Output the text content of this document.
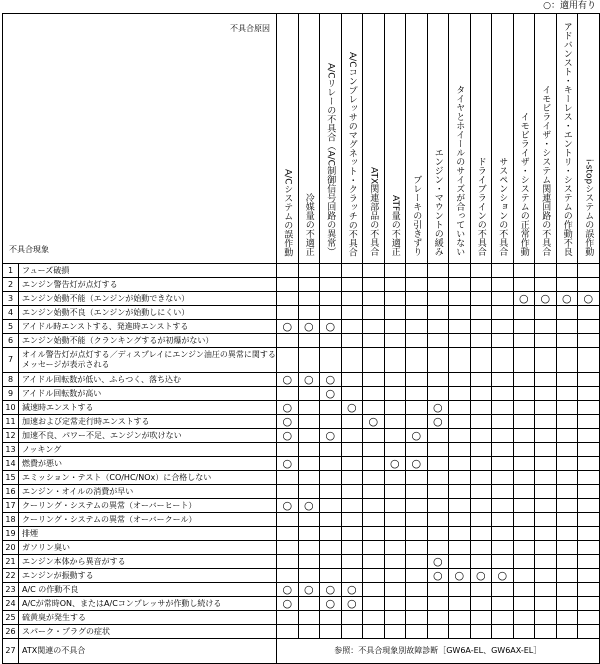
○：適用有り
不具合原因
不具合現象		A/Cシステムの誤作動	冷媒量の不適正	A/Cリレーの不具合（A/C制御信号回路の異常）	A/Cコンプレッサのマグネット・クラッチの不具合	ATX関連部品の不具合	ATF量の不適正	ブレーキの引きずり	エンジン・マウントの緩み	タイヤとホイールのサイズが合っていない	ドライブラインの不具合	サスペンションの不具合	イモビライザ・システムの正常作動	イモビライザ・システム関連回路の不具合	アドバンスト・キーレス・エントリ・システムの作動不良	i-stopシステムの誤作動
1	フューズ破損															
2	エンジン警告灯が点灯する															
3	エンジン始動不能（エンジンが始動できない）												○	○	○	○
4	エンジン始動不良（エンジンが始動しにくい）															
5	アイドル時エンストする、発進時エンストする	○	○	○												
6	エンジン始動不能（クランキングするが初爆がない）															
7	オイル警告灯が点灯する／ディスプレイにエンジン油圧の異常に関するメッセージが表示される															
8	アイドル回転数が低い、ふらつく、落ち込む	○	○	○												
9	アイドル回転数が高い			○												
10	減速時エンストする	○			○				○							
11	加速および定常走行時エンストする	○				○			○							
12	加速不良、パワー不足、エンジンが吹けない	○		○				○								
13	ノッキング															
14	燃費が悪い	○					○	○								
15	エミッション・テスト（CO/HC/NOx）に合格しない															
16	エンジン・オイルの消費が早い															
17	クーリング・システムの異常（オーバーヒート）	○	○													
18	クーリング・システムの異常（オーバークール）															
19	排煙															
20	ガソリン臭い															
21	エンジン本体から異音がする								○							
22	エンジンが振動する								○	○	○	○				
23	A/C の作動不良	○	○	○	○											
24	A/Cが常時ON、またはA/Cコンプレッサが作動し続ける	○		○	○											
25	硫黄臭が発生する															
26	スパーク・プラグの症状															
27	ATX関連の不具合	参照：不具合現象別故障診断［GW6A-EL、GW6AX-EL］														
